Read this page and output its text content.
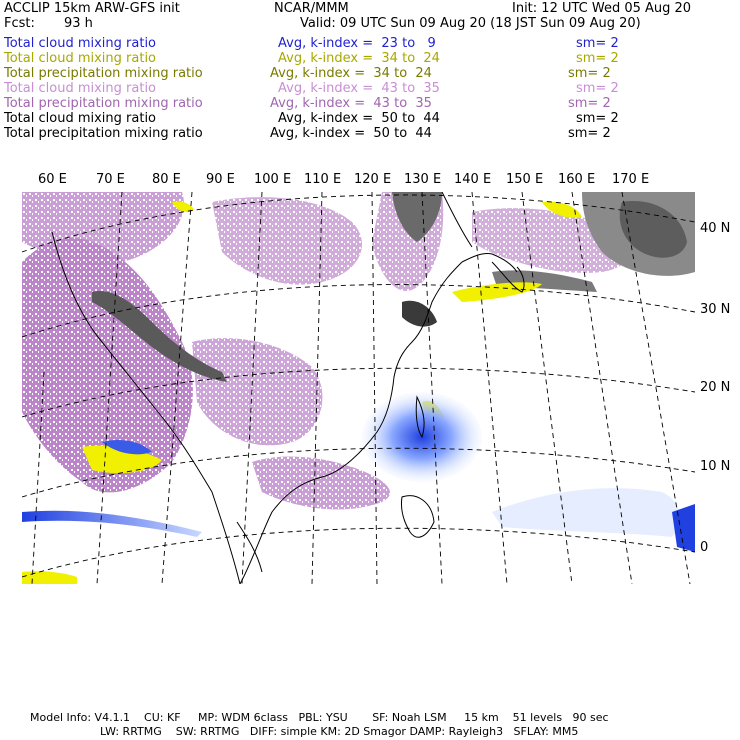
ACCLIP 15km ARW-GFS init	NCAR/MMM	Init: 12 UTC Wed 05 Aug 20
Fcst: 93 h	Valid: 09 UTC Sun 09 Aug 20 (18 JST Sun 09 Aug 20)
Total cloud mixing ratio	Avg, k-index =  23 to   9	sm= 2
Total cloud mixing ratio	Avg, k-index =  34 to  24	sm= 2
Total precipitation mixing ratio	Avg, k-index =  34 to  24	sm= 2
Total cloud mixing ratio	Avg, k-index =  43 to  35	sm= 2
Total precipitation mixing ratio	Avg, k-index =  43 to  35	sm= 2
Total cloud mixing ratio	Avg, k-index =  50 to  44	sm= 2
Total precipitation mixing ratio	Avg, k-index =  50 to  44	sm= 2
60 E 70 E 80 E 90 E 100 E 110 E 120 E 130 E 140 E 150 E 160 E 170 E
40 N
30 N
20 N
10 N
0
Model Info: V4.1.1    CU: KF     MP: WDM 6class   PBL: YSU       SF: Noah LSM     15 km    51 levels   90 sec
LW: RRTMG    SW: RRTMG   DIFF: simple KM: 2D Smagor DAMP: Rayleigh3   SFLAY: MM5
